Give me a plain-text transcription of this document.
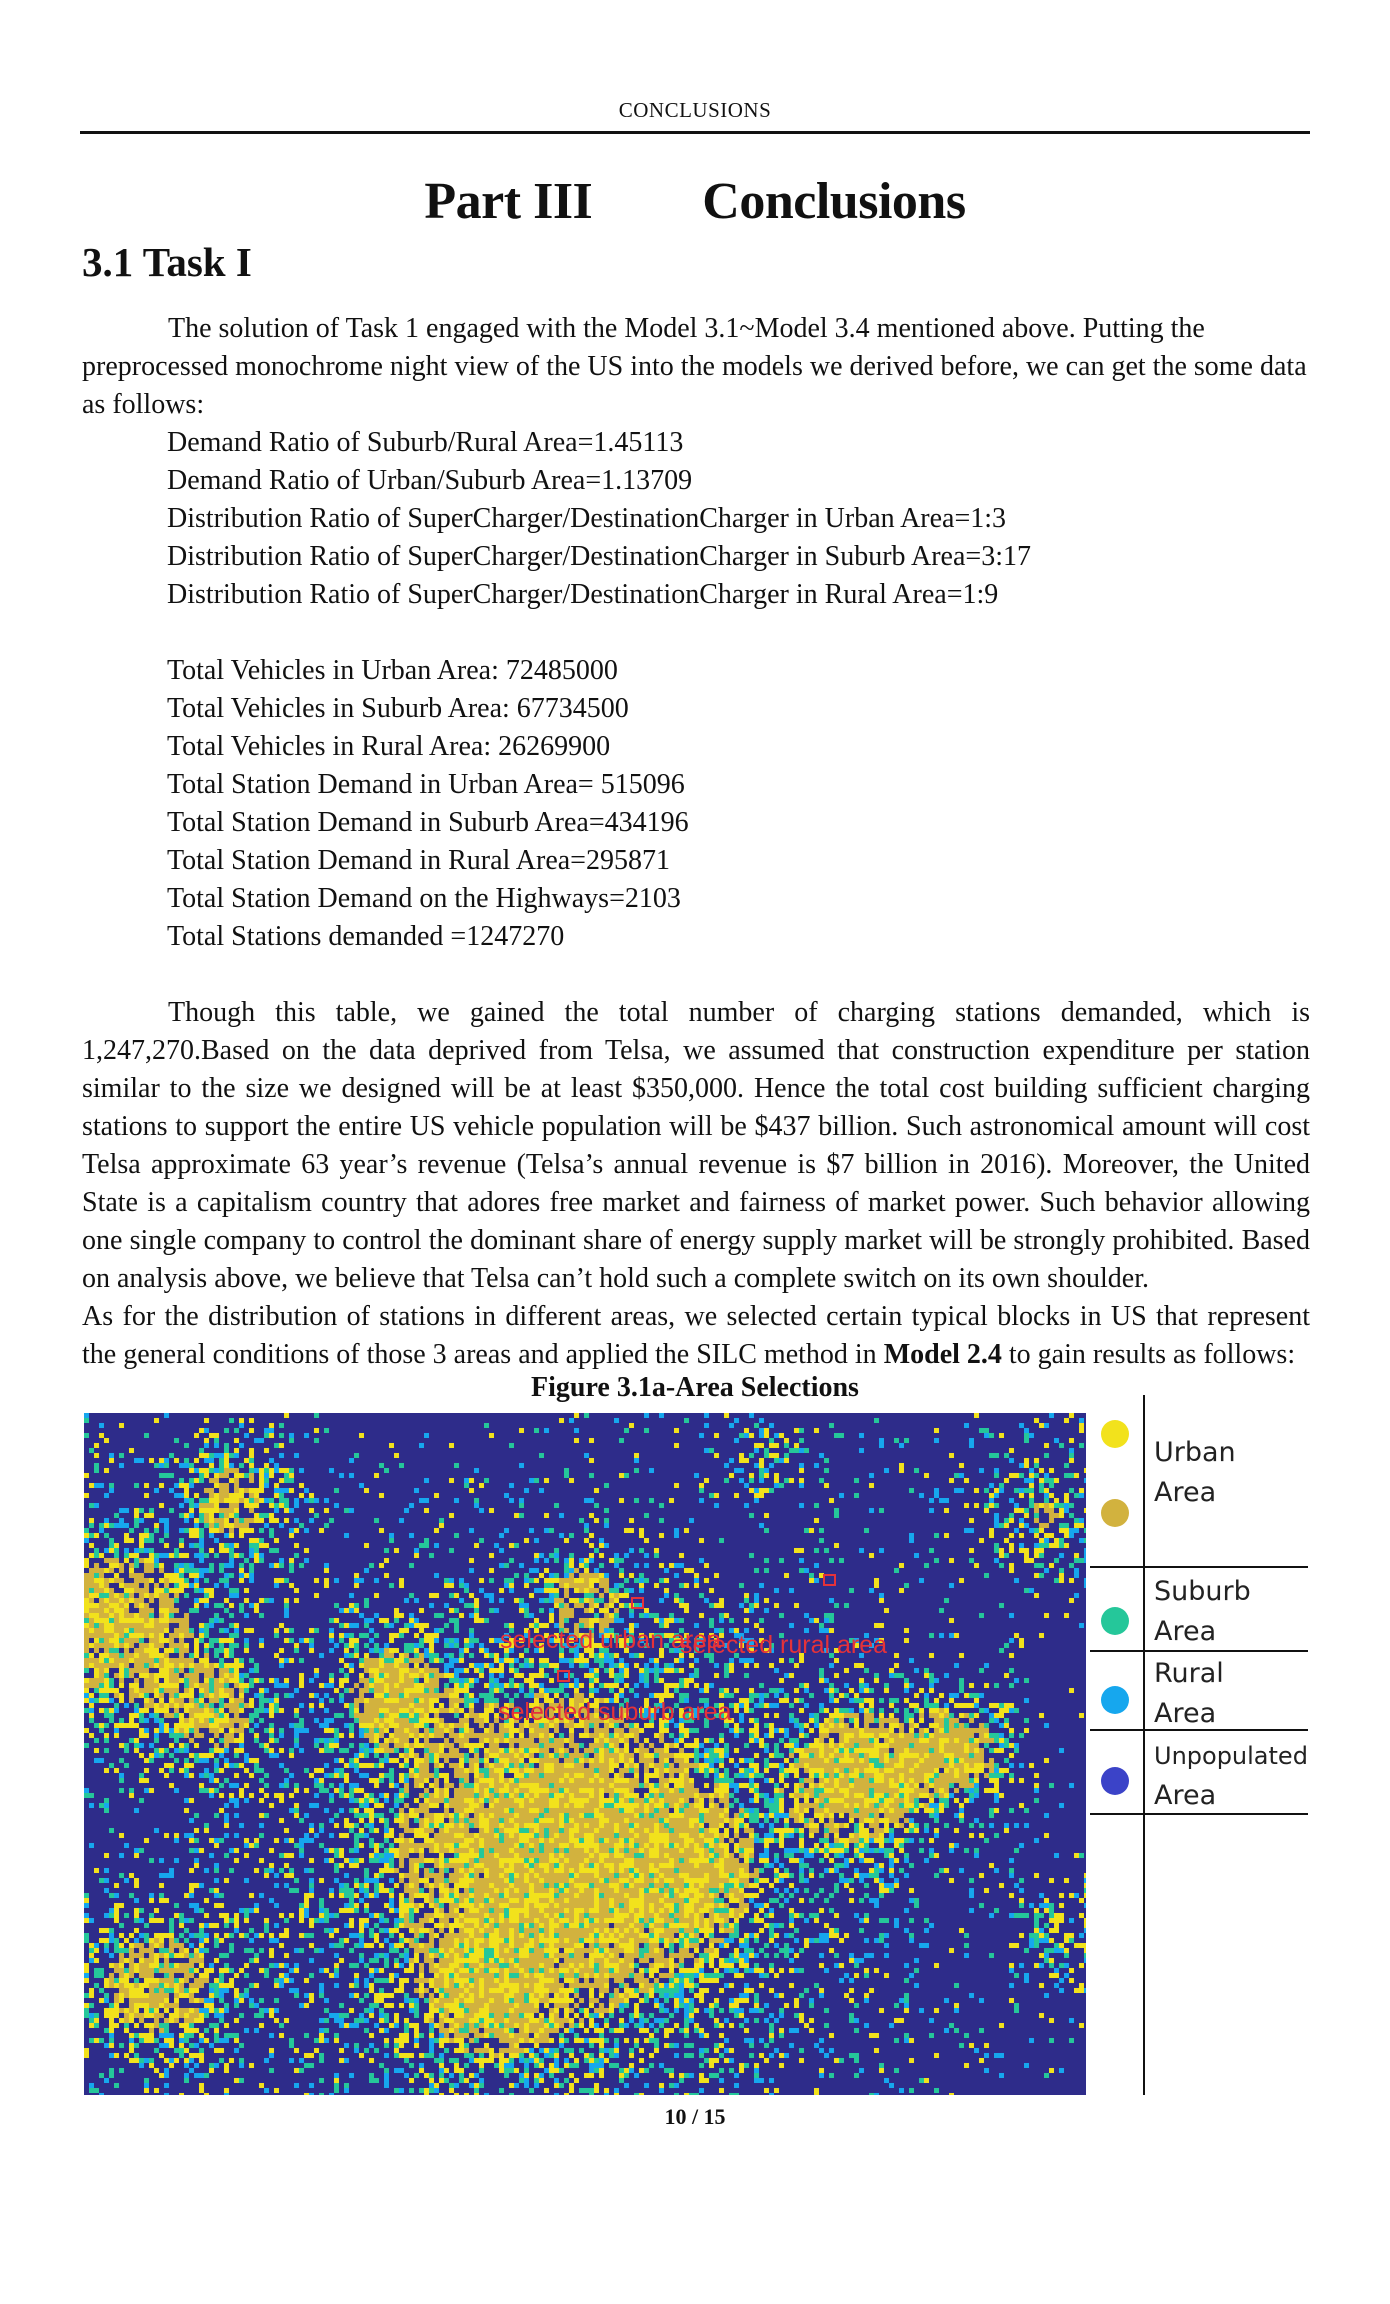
CONCLUSIONS
Part III Conclusions
3.1 Task I
The solution of Task 1 engaged with the Model 3.1~Model 3.4 mentioned above. Putting the preprocessed monochrome night view of the US into the models we derived before, we can get the some data as follows:
Demand Ratio of Suburb/Rural Area=1.45113
Demand Ratio of Urban/Suburb Area=1.13709
Distribution Ratio of SuperCharger/DestinationCharger in Urban Area=1:3
Distribution Ratio of SuperCharger/DestinationCharger in Suburb Area=3:17
Distribution Ratio of SuperCharger/DestinationCharger in Rural Area=1:9
Total Vehicles in Urban Area: 72485000
Total Vehicles in Suburb Area: 67734500
Total Vehicles in Rural Area: 26269900
Total Station Demand in Urban Area= 515096
Total Station Demand in Suburb Area=434196
Total Station Demand in Rural Area=295871
Total Station Demand on the Highways=2103
Total Stations demanded =1247270
Though this table, we gained the total number of charging stations demanded, which is 1,247,270.Based on the data deprived from Telsa, we assumed that construction expenditure per station similar to the size we designed will be at least $350,000. Hence the total cost building sufficient charging stations to support the entire US vehicle population will be $437 billion. Such astronomical amount will cost Telsa approximate 63 year’s revenue (Telsa’s annual revenue is $7 billion in 2016). Moreover, the United State is a capitalism country that adores free market and fairness of market power. Such behavior allowing one single company to control the dominant share of energy supply market will be strongly prohibited. Based on analysis above, we believe that Telsa can’t hold such a complete switch on its own shoulder.
As for the distribution of stations in different areas, we selected certain typical blocks in US that represent the general conditions of those 3 areas and applied the SILC method in Model 2.4 to gain results as follows:
Figure 3.1a-Area Selections
selected urban area
selected suburb area
selected rural area
Urban
Area
Suburb
Area
Rural
Area
Unpopulated
Area
10 / 15
